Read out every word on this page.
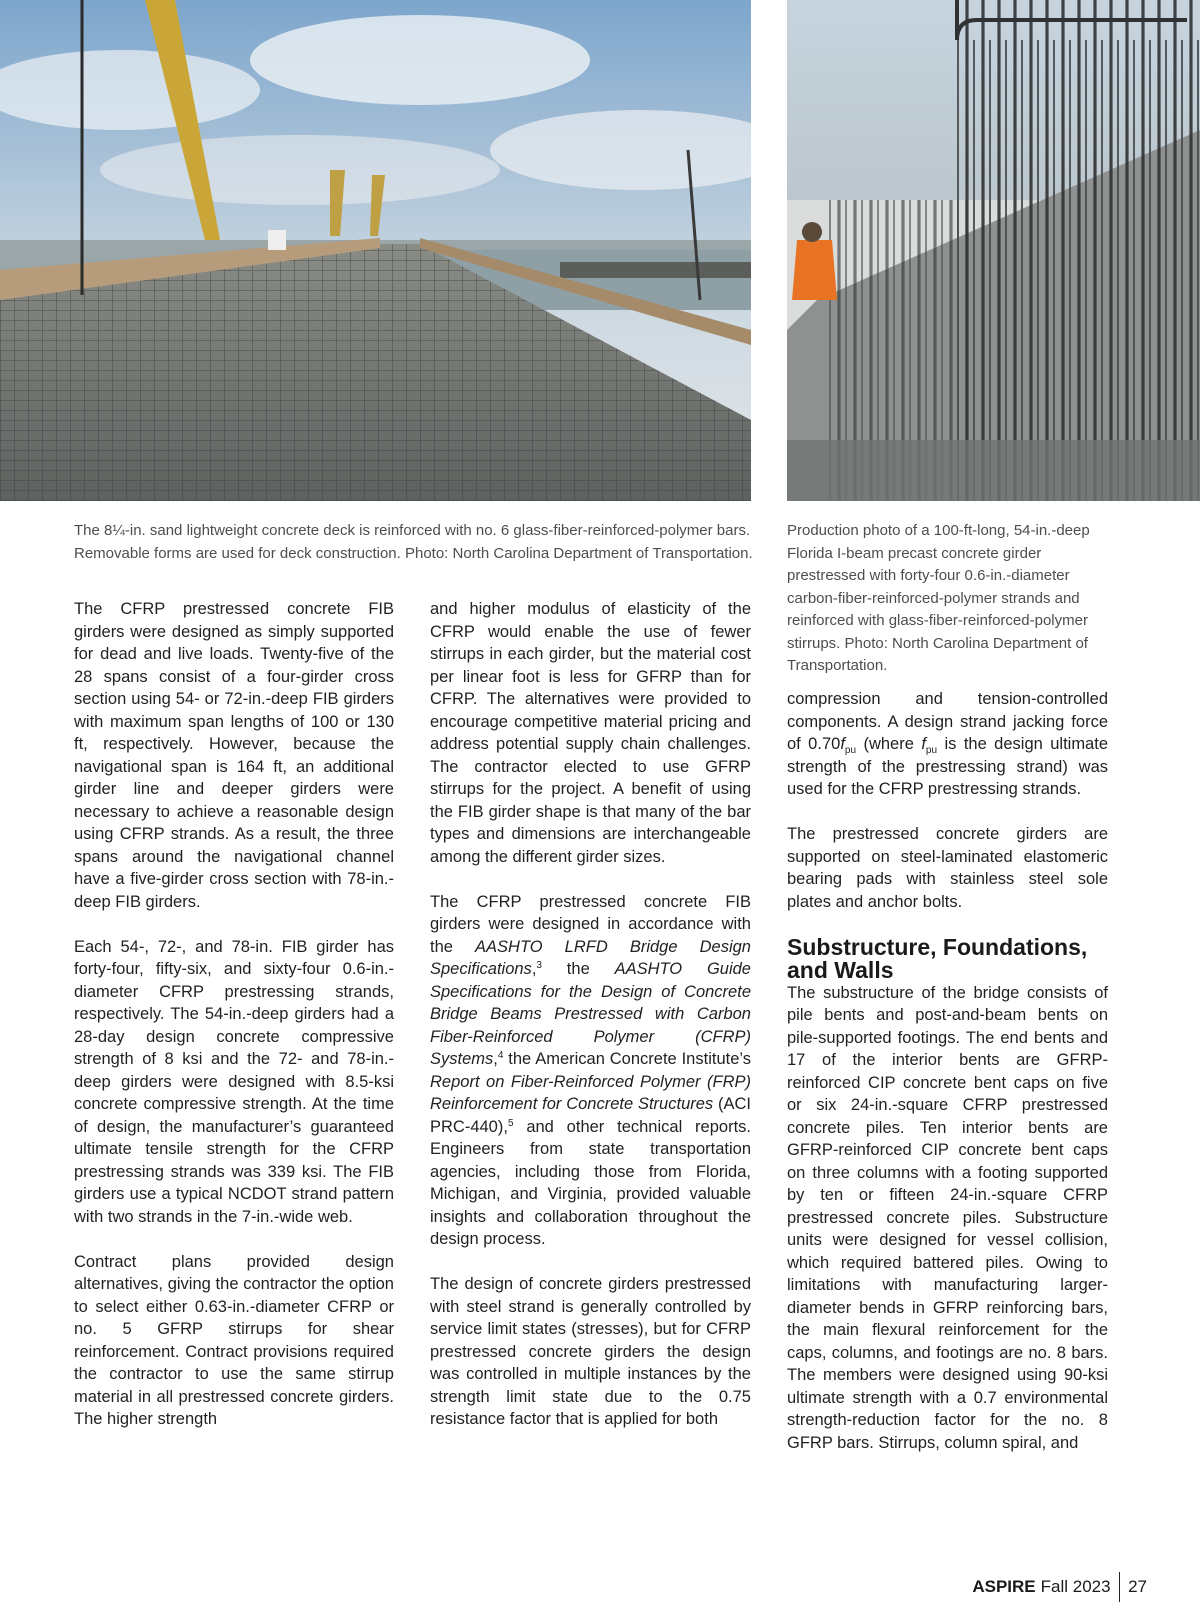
The 8¼-in. sand lightweight concrete deck is reinforced with no. 6 glass-fiber-reinforced-polymer bars. Removable forms are used for deck construction. Photo: North Carolina Department of Transportation.
Production photo of a 100-ft-long, 54-in.-deep Florida I-beam precast concrete girder prestressed with forty-four 0.6-in.-diameter carbon-fiber-reinforced-polymer strands and reinforced with glass-fiber-reinforced-polymer stirrups. Photo: North Carolina Department of Transportation.

The CFRP prestressed concrete FIB girders were designed as simply supported for dead and live loads. Twenty-five of the 28 spans consist of a four-girder cross section using 54- or 72-in.-deep FIB girders with maximum span lengths of 100 or 130 ft, respectively. However, because the navigational span is 164 ft, an additional girder line and deeper girders were necessary to achieve a reasonable design using CFRP strands. As a result, the three spans around the navigational channel have a five-girder cross section with 78-in.-deep FIB girders.

Each 54-, 72-, and 78-in. FIB girder has forty-four, fifty-six, and sixty-four 0.6-in.-diameter CFRP prestressing strands, respectively. The 54-in.-deep girders had a 28-day design concrete compressive strength of 8 ksi and the 72- and 78-in.-deep girders were designed with 8.5-ksi concrete compressive strength. At the time of design, the manufacturer’s guaranteed ultimate tensile strength for the CFRP prestressing strands was 339 ksi. The FIB girders use a typical NCDOT strand pattern with two strands in the 7-in.-wide web.

Contract plans provided design alternatives, giving the contractor the option to select either 0.63-in.-diameter CFRP or no. 5 GFRP stirrups for shear reinforcement. Contract provisions required the contractor to use the same stirrup material in all prestressed concrete girders. The higher strength

and higher modulus of elasticity of the CFRP would enable the use of fewer stirrups in each girder, but the material cost per linear foot is less for GFRP than for CFRP. The alternatives were provided to encourage competitive material pricing and address potential supply chain challenges. The contractor elected to use GFRP stirrups for the project. A benefit of using the FIB girder shape is that many of the bar types and dimensions are interchangeable among the different girder sizes.

The CFRP prestressed concrete FIB girders were designed in accordance with the AASHTO LRFD Bridge Design Specifications,$^3$ the AASHTO Guide Specifications for the Design of Concrete Bridge Beams Prestressed with Carbon Fiber-Reinforced Polymer (CFRP) Systems,$^4$ the American Concrete Institute’s Report on Fiber-Reinforced Polymer (FRP) Reinforcement for Concrete Structures (ACI PRC-440),$^5$ and other technical reports. Engineers from state transportation agencies, including those from Florida, Michigan, and Virginia, provided valuable insights and collaboration throughout the design process.

The design of concrete girders prestressed with steel strand is generally controlled by service limit states (stresses), but for CFRP prestressed concrete girders the design was controlled in multiple instances by the strength limit state due to the 0.75 resistance factor that is applied for both

compression and tension-controlled components. A design strand jacking force of $0.70f_{pu}$ (where $f_{pu}$ is the design ultimate strength of the prestressing strand) was used for the CFRP prestressing strands.

The prestressed concrete girders are supported on steel-laminated elastomeric bearing pads with stainless steel sole plates and anchor bolts.

Substructure, Foundations, and Walls

The substructure of the bridge consists of pile bents and post-and-beam bents on pile-supported footings. The end bents and 17 of the interior bents are GFRP-reinforced CIP concrete bent caps on five or six 24-in.-square CFRP prestressed concrete piles. Ten interior bents are GFRP-reinforced CIP concrete bent caps on three columns with a footing supported by ten or fifteen 24-in.-square CFRP prestressed concrete piles. Substructure units were designed for vessel collision, which required battered piles. Owing to limitations with manufacturing larger-diameter bends in GFRP reinforcing bars, the main flexural reinforcement for the caps, columns, and footings are no. 8 bars. The members were designed using 90-ksi ultimate strength with a 0.7 environmental strength-reduction factor for the no. 8 GFRP bars. Stirrups, column spiral, and

ASPIRE Fall 2023 27
